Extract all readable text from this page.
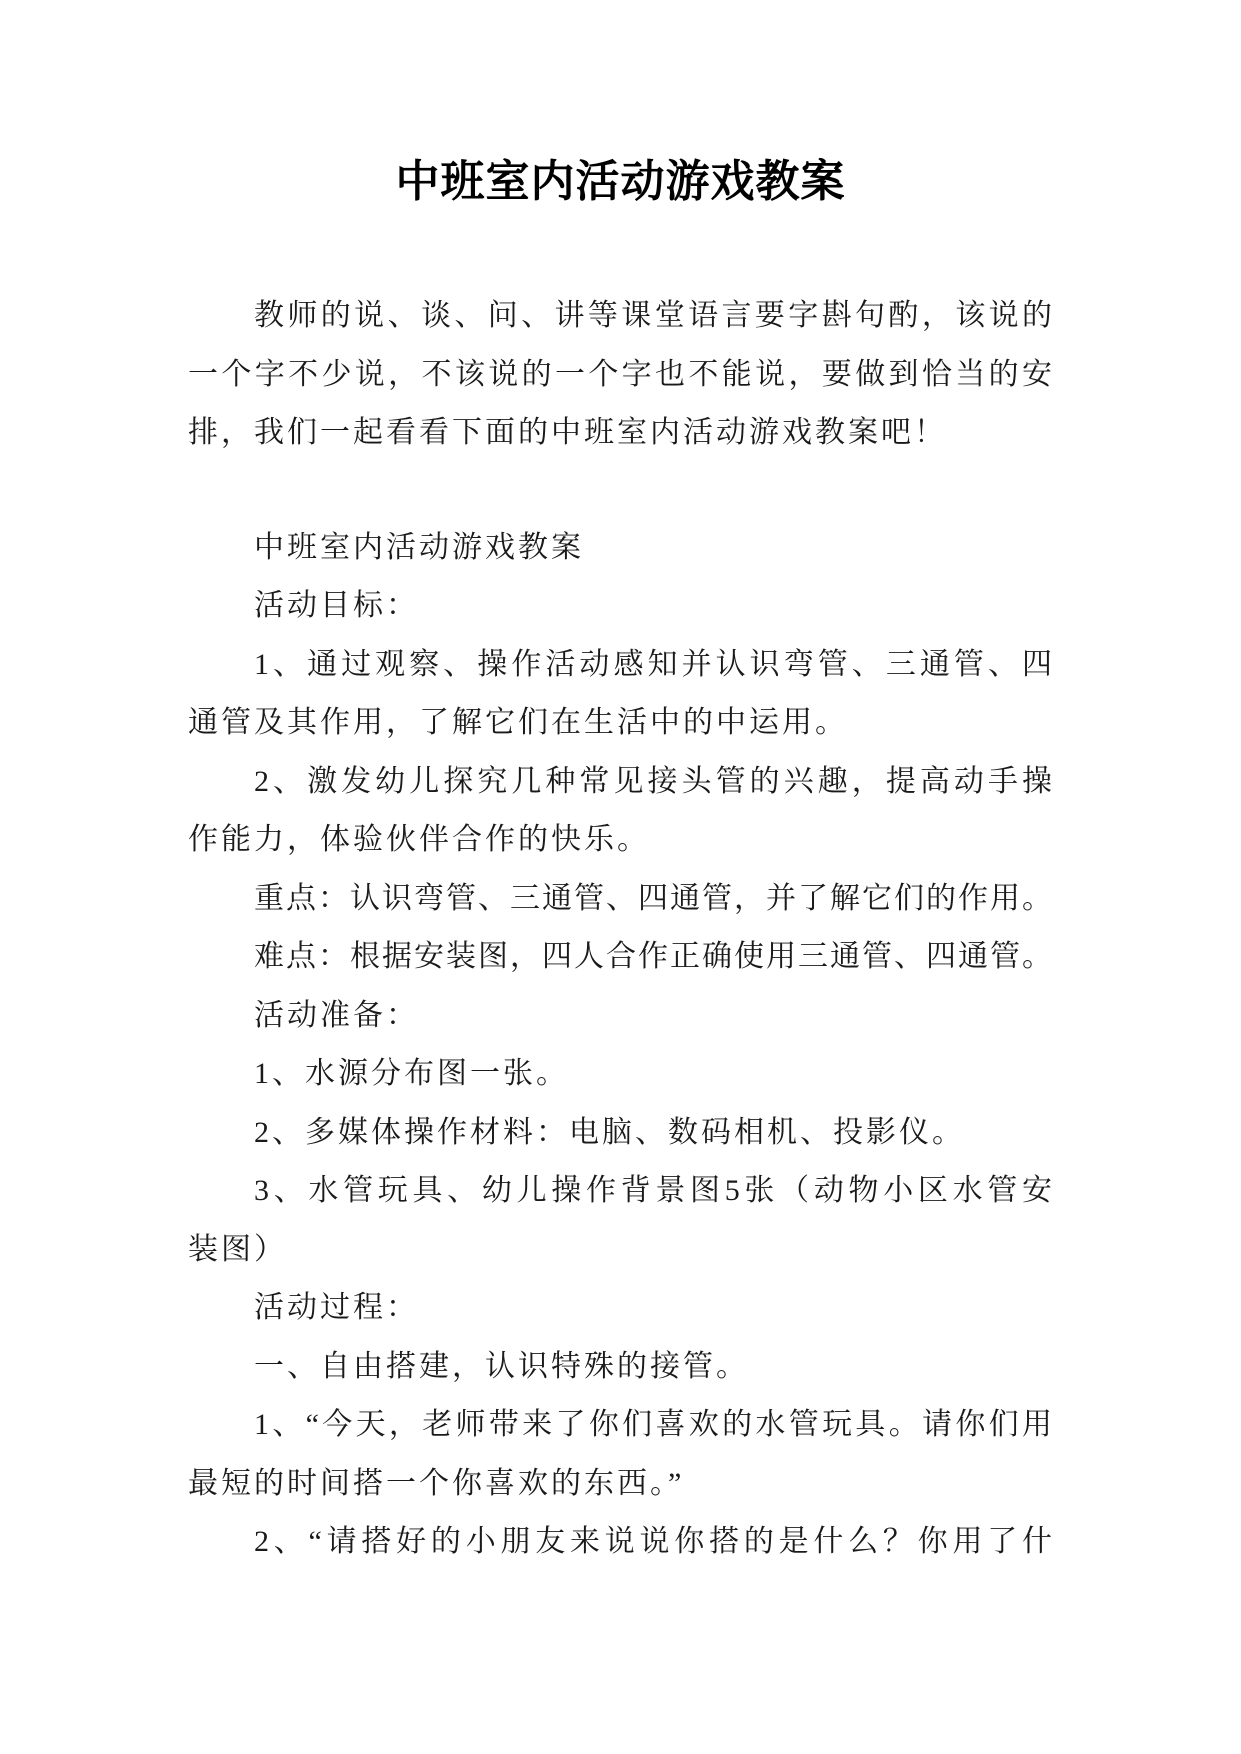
中班室内活动游戏教案
教师的说、谈、问、讲等课堂语言要字斟句酌，该说的
一个字不少说，不该说的一个字也不能说，要做到恰当的安
排，我们一起看看下面的中班室内活动游戏教案吧！
中班室内活动游戏教案
活动目标：
1、通过观察、操作活动感知并认识弯管、三通管、四
通管及其作用，了解它们在生活中的中运用。
2、激发幼儿探究几种常见接头管的兴趣，提高动手操
作能力，体验伙伴合作的快乐。
重点：认识弯管、三通管、四通管，并了解它们的作用。
难点：根据安装图，四人合作正确使用三通管、四通管。
活动准备：
1、水源分布图一张。
2、多媒体操作材料：电脑、数码相机、投影仪。
3、水管玩具、幼儿操作背景图5张（动物小区水管安
装图）
活动过程：
一、自由搭建，认识特殊的接管。
1、“今天，老师带来了你们喜欢的水管玩具。请你们用
最短的时间搭一个你喜欢的东西。”
2、“请搭好的小朋友来说说你搭的是什么？你用了什
